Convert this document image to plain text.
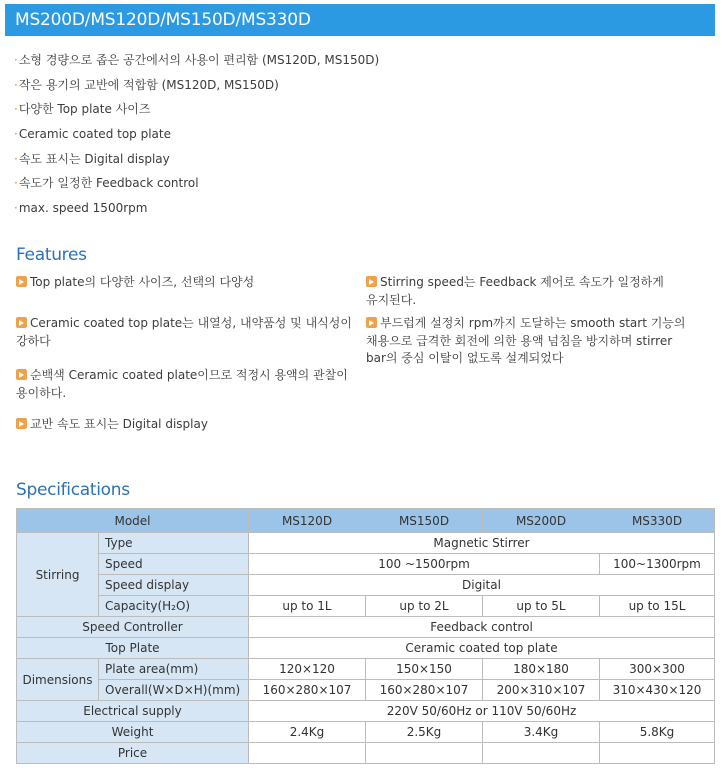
MS200D/MS120D/MS150D/MS330D
·소형 경량으로 좁은 공간에서의 사용이 편리함 (MS120D, MS150D)
·작은 용기의 교반에 적합함 (MS120D, MS150D)
·다양한 Top plate 사이즈
·Ceramic coated top plate
·속도 표시는 Digital display
·속도가 일정한 Feedback control
·max. speed 1500rpm
Features
Top plate의 다양한 사이즈, 선택의 다양성
Ceramic coated top plate는 내열성, 내약품성 및 내식성이
강하다
순백색 Ceramic coated plate이므로 적정시 용액의 관찰이
용이하다.
교반 속도 표시는 Digital display
Stirring speed는 Feedback 제어로 속도가 일정하게
유지된다.
부드럽게 설정치 rpm까지 도달하는 smooth start 기능의
채용으로 급격한 회전에 의한 용액 넘침을 방지하며 stirrer
bar의 중심 이탈이 없도록 설계되었다
Specifications
Model		MS120D	MS150D	MS200D	MS330D
Stirring	Type	Magnetic Stirrer			
	Speed	100 ~1500rpm			100~1300rpm
	Speed display	Digital			
	Capacity(H₂O)	up to 1L	up to 2L	up to 5L	up to 15L
Speed Controller		Feedback control			
Top Plate		Ceramic coated top plate			
Dimensions	Plate area(mm)	120×120	150×150	180×180	300×300
	Overall(W×D×H)(mm)	160×280×107	160×280×107	200×310×107	310×430×120
Electrical supply		220V 50/60Hz or 110V 50/60Hz			
Weight		2.4Kg	2.5Kg	3.4Kg	5.8Kg
Price					
